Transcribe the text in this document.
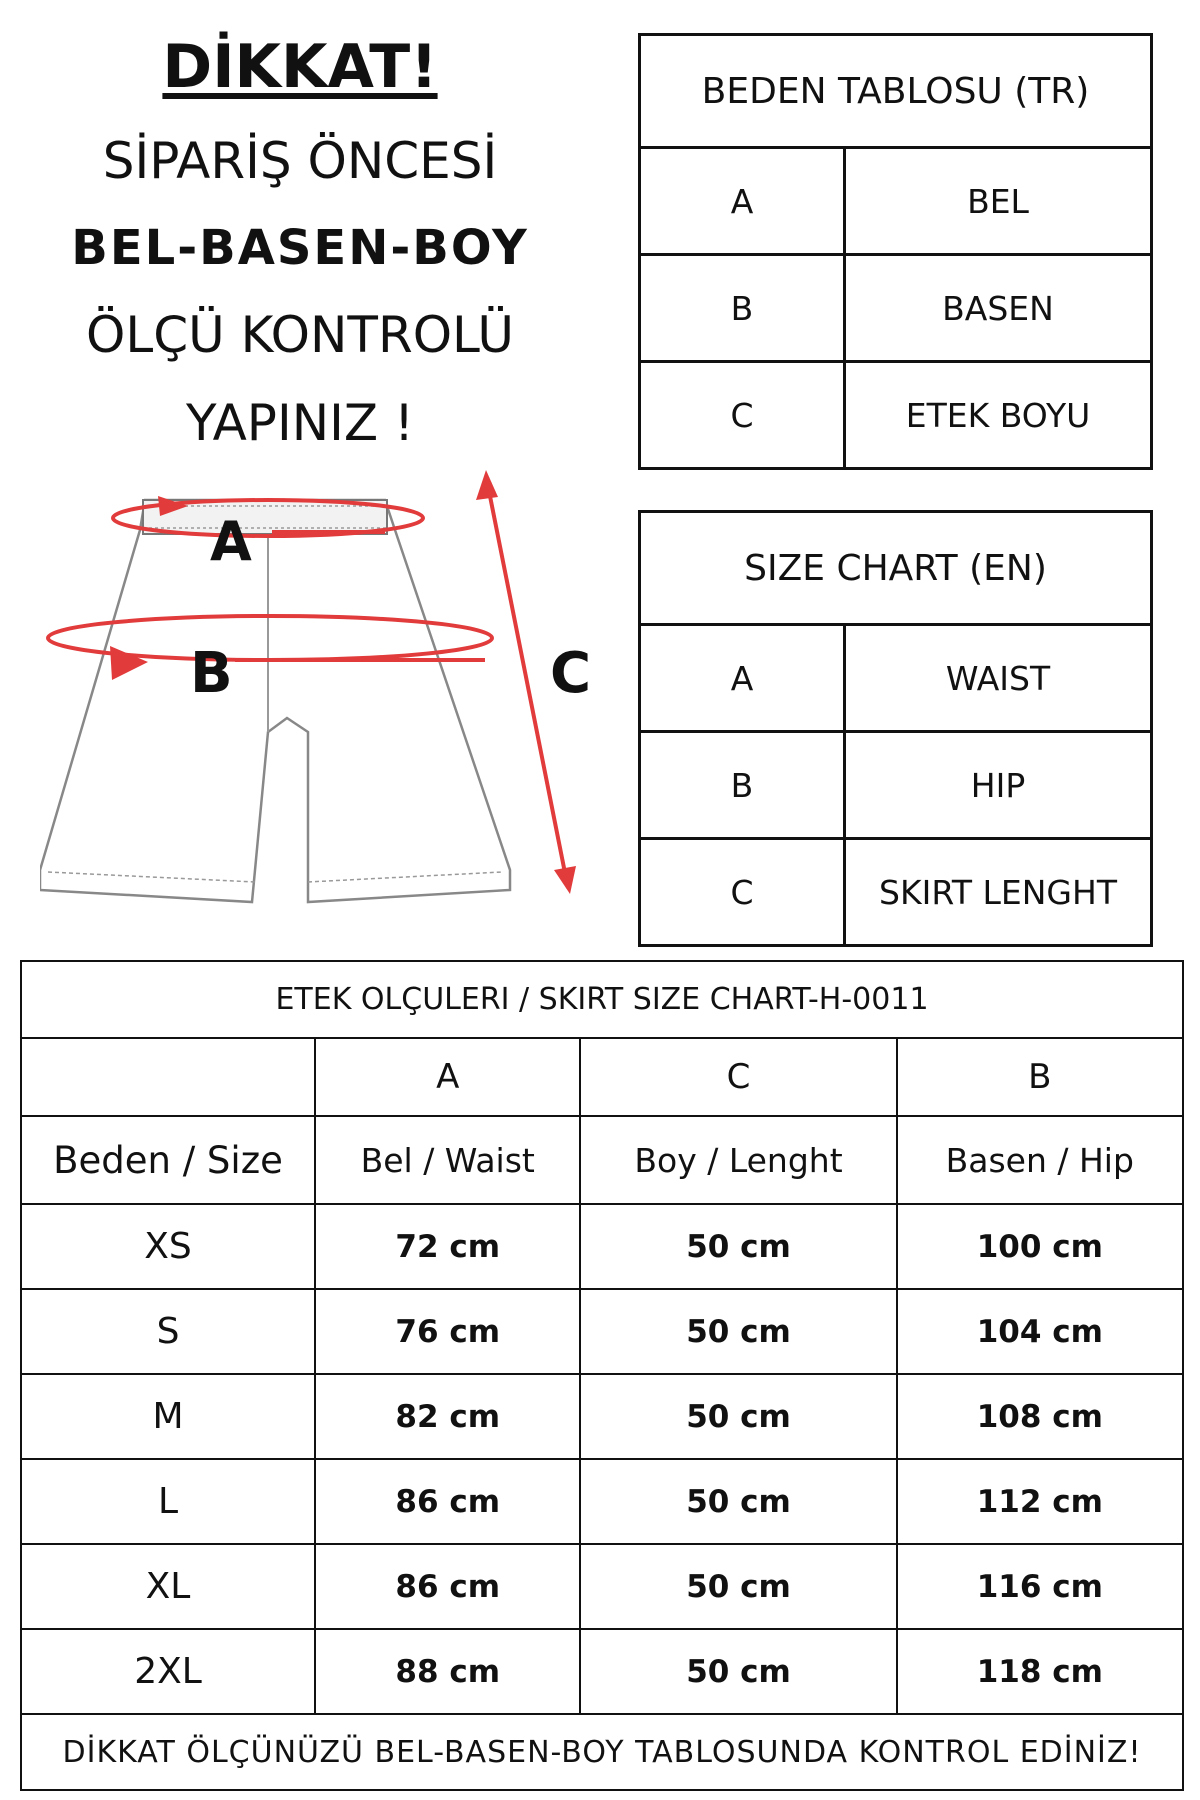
DİKKAT!
SİPARİŞ ÖNCESİ
BEL-BASEN-BOY
ÖLÇÜ KONTROLÜ
YAPINIZ !
A
B	C
BEDEN TABLOSU (TR)	
A	BEL
B	BASEN
C	ETEK BOYU
SIZE CHART (EN)	
A	WAIST
B	HIP
C	SKIRT LENGHT
ETEK OLÇULERI / SKIRT SIZE CHART-H-0011			
	A	C	B
Beden / Size	Bel / Waist	Boy / Lenght	Basen / Hip
XS	72 cm	50 cm	100 cm
S	76 cm	50 cm	104 cm
M	82 cm	50 cm	108 cm
L	86 cm	50 cm	112 cm
XL	86 cm	50 cm	116 cm
2XL	88 cm	50 cm	118 cm
DİKKAT ÖLÇÜNÜZÜ BEL-BASEN-BOY TABLOSUNDA KONTROL EDİNİZ!			
